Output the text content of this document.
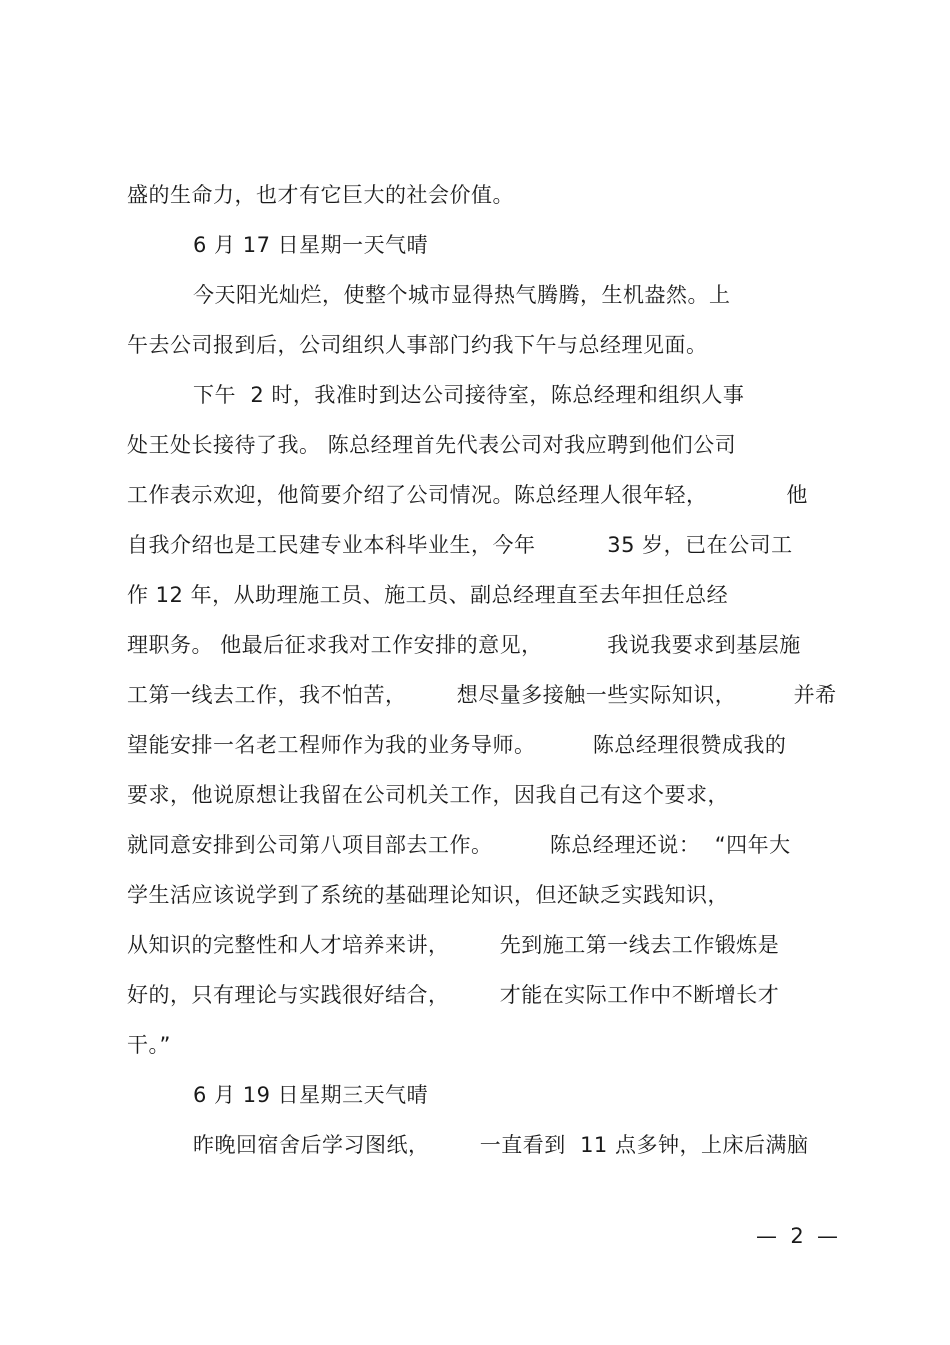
盛的生命力，也才有它巨大的社会价值。
6 月 17 日星期一天气晴
今天阳光灿烂，使整个城市显得热气腾腾，生机盎然。上
午去公司报到后，公司组织人事部门约我下午与总经理见面。
下午  2 时，我准时到达公司接待室，陈总经理和组织人事
处王处长接待了我。 陈总经理首先代表公司对我应聘到他们公司
工作表示欢迎，他简要介绍了公司情况。陈总经理人很年轻，           他
自我介绍也是工民建专业本科毕业生，今年          35 岁，已在公司工
作 12 年，从助理施工员、施工员、副总经理直至去年担任总经
理职务。 他最后征求我对工作安排的意见，         我说我要求到基层施
工第一线去工作，我不怕苦，       想尽量多接触一些实际知识，        并希
望能安排一名老工程师作为我的业务导师。        陈总经理很赞成我的
要求，他说原想让我留在公司机关工作，因我自己有这个要求，
就同意安排到公司第八项目部去工作。        陈总经理还说：  “四年大
学生活应该说学到了系统的基础理论知识，但还缺乏实践知识，
从知识的完整性和人才培养来讲，       先到施工第一线去工作锻炼是
好的，只有理论与实践很好结合，       才能在实际工作中不断增长才
干。”
6 月 19 日星期三天气晴
昨晚回宿舍后学习图纸，       一直看到  11 点多钟，上床后满脑
—  2  —
